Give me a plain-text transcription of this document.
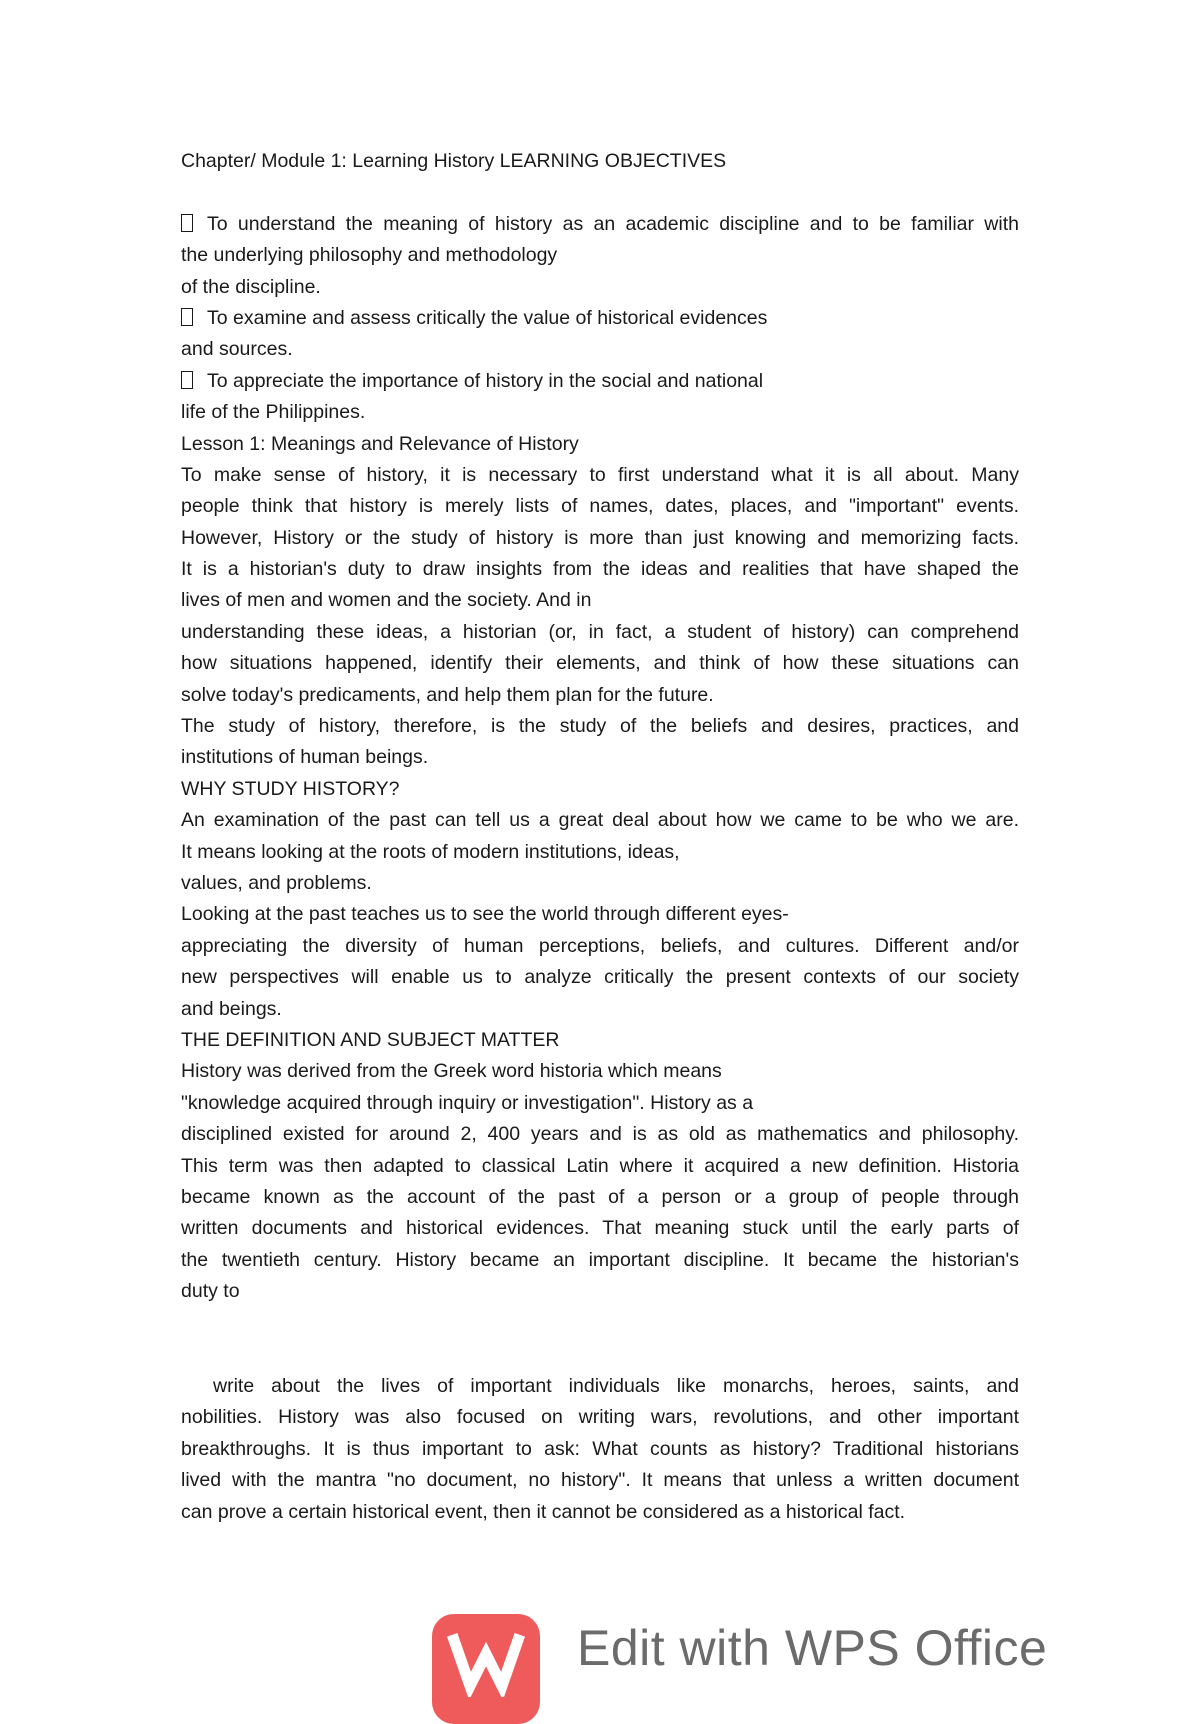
Chapter/ Module 1: Learning History LEARNING OBJECTIVES
To understand the meaning of history as an academic discipline and to be familiar with
the underlying philosophy and methodology
of the discipline.
To examine and assess critically the value of historical evidences
and sources.
To appreciate the importance of history in the social and national
life of the Philippines.
Lesson 1: Meanings and Relevance of History
To make sense of history, it is necessary to first understand what it is all about. Many
people think that history is merely lists of names, dates, places, and "important" events.
However, History or the study of history is more than just knowing and memorizing facts.
It is a historian's duty to draw insights from the ideas and realities that have shaped the
lives of men and women and the society. And in
understanding these ideas, a historian (or, in fact, a student of history) can comprehend
how situations happened, identify their elements, and think of how these situations can
solve today's predicaments, and help them plan for the future.
The study of history, therefore, is the study of the beliefs and desires, practices, and
institutions of human beings.
WHY STUDY HISTORY?
An examination of the past can tell us a great deal about how we came to be who we are.
It means looking at the roots of modern institutions, ideas,
values, and problems.
Looking at the past teaches us to see the world through different eyes-
appreciating the diversity of human perceptions, beliefs, and cultures. Different and/or
new perspectives will enable us to analyze critically the present contexts of our society
and beings.
THE DEFINITION AND SUBJECT MATTER
History was derived from the Greek word historia which means
"knowledge acquired through inquiry or investigation". History as a
disciplined existed for around 2, 400 years and is as old as mathematics and philosophy.
This term was then adapted to classical Latin where it acquired a new definition. Historia
became known as the account of the past of a person or a group of people through
written documents and historical evidences. That meaning stuck until the early parts of
the twentieth century. History became an important discipline. It became the historian's
duty to
write about the lives of important individuals like monarchs, heroes, saints, and
nobilities. History was also focused on writing wars, revolutions, and other important
breakthroughs. It is thus important to ask: What counts as history? Traditional historians
lived with the mantra "no document, no history". It means that unless a written document
can prove a certain historical event, then it cannot be considered as a historical fact.
Edit with WPS Office
